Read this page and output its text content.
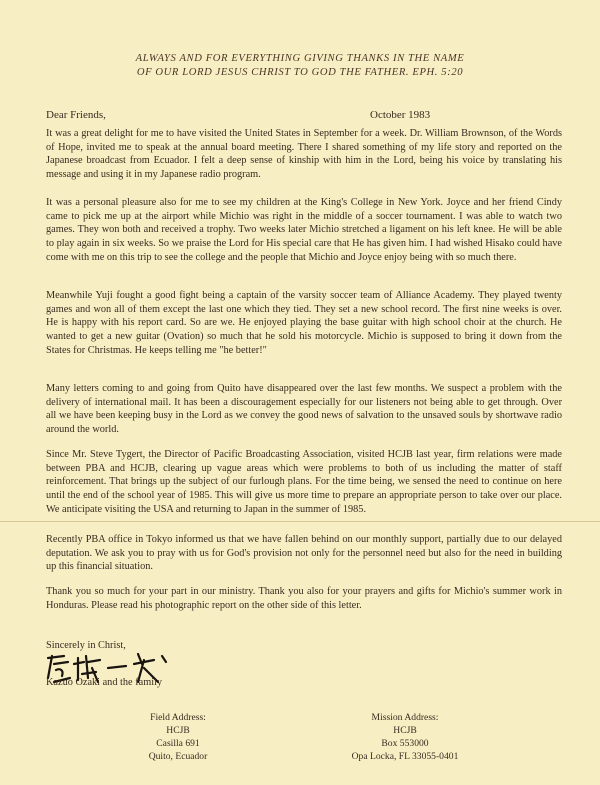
ALWAYS AND FOR EVERYTHING GIVING THANKS IN THE NAME
OF OUR LORD JESUS CHRIST TO GOD THE FATHER. EPH. 5:20
Dear Friends,	October 1983

It was a great delight for me to have visited the United States in September for a week. Dr. William Brownson, of the Words of Hope, invited me to speak at the annual board meeting. There I shared something of my life story and reported on the Japanese broadcast from Ecuador. I felt a deep sense of kinship with him in the Lord, being his voice by translating his message and using it in my Japanese radio program.

It was a personal pleasure also for me to see my children at the King's College in New York. Joyce and her friend Cindy came to pick me up at the airport while Michio was right in the middle of a soccer tournament. I was able to watch two games. They won both and received a trophy. Two weeks later Michio stretched a ligament on his left knee. He will be able to play again in six weeks. So we praise the Lord for His special care that He has given him. I had wished Hisako could have come with me on this trip to see the college and the people that Michio and Joyce enjoy being with so much there.

Meanwhile Yuji fought a good fight being a captain of the varsity soccer team of Alliance Academy. They played twenty games and won all of them except the last one which they tied. They set a new school record. The first nine weeks is over. He is happy with his report card. So are we. He enjoyed playing the base guitar with high school choir at the church. He wanted to get a new guitar (Ovation) so much that he sold his motorcycle. Michio is supposed to bring it down from the States for Christmas. He keeps telling me "he better!"

Many letters coming to and going from Quito have disappeared over the last few months. We suspect a problem with the delivery of international mail. It has been a discouragement especially for our listeners not being able to get through. Over all we have been keeping busy in the Lord as we convey the good news of salvation to the unsaved souls by shortwave radio around the world.

Since Mr. Steve Tygert, the Director of Pacific Broadcasting Association, visited HCJB last year, firm relations were made between PBA and HCJB, clearing up vague areas which were problems to both of us including the matter of staff reinforcement. That brings up the subject of our furlough plans. For the time being, we sensed the need to continue on here until the end of the school year of 1985. This will give us more time to prepare an appropriate person to take over our place. We anticipate visiting the USA and returning to Japan in the summer of 1985.

Recently PBA office in Tokyo informed us that we have fallen behind on our monthly support, partially due to our delayed deputation. We ask you to pray with us for God's provision not only for the personnel need but also for the need in building up this financial situation.

Thank you so much for your part in our ministry. Thank you also for your prayers and gifts for Michio's summer work in Honduras. Please read his photographic report on the other side of this letter.

Sincerely in Christ,
Kazuo Ozaki and the family
Field Address:
HCJB
Casilla 691
Quito, Ecuador
Mission Address:
HCJB
Box 553000
Opa Locka, FL 33055-0401
